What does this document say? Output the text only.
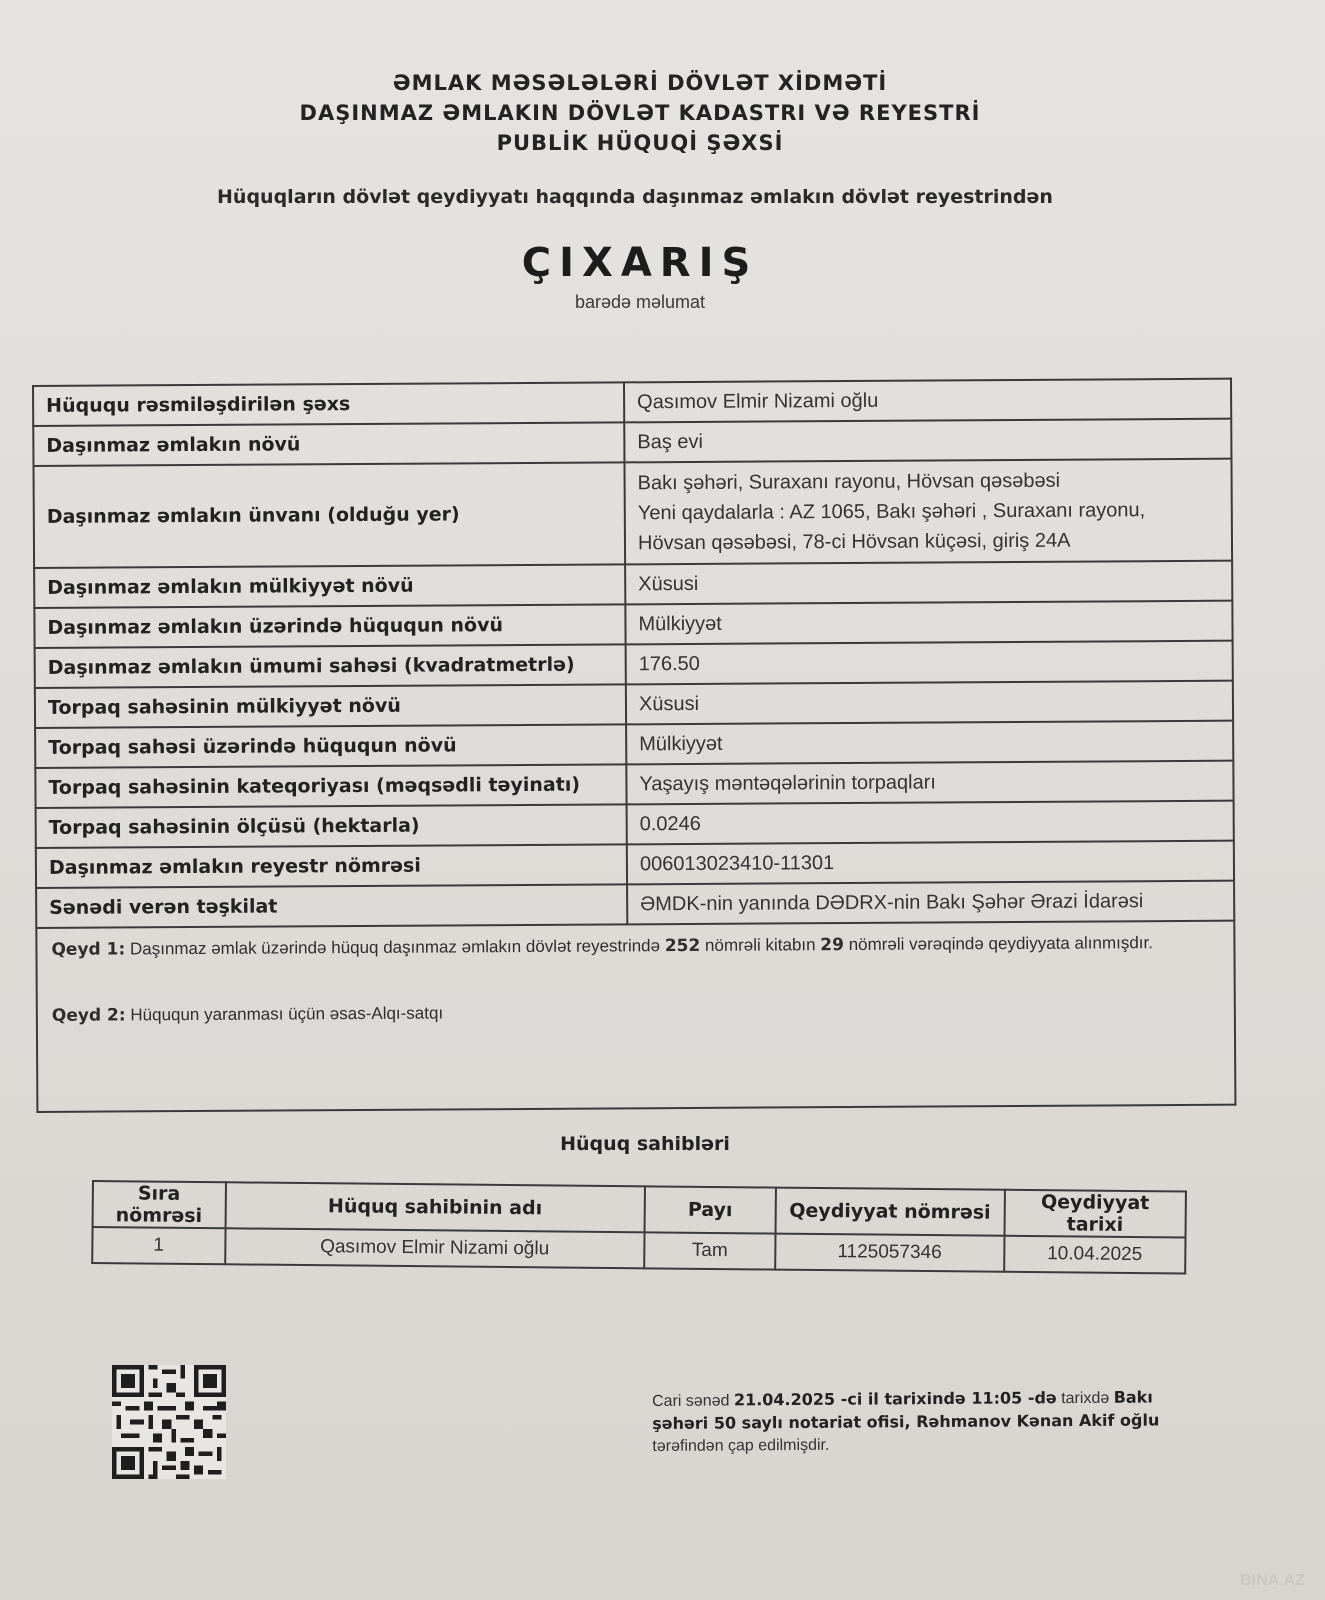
ƏMLAK MƏSƏLƏLƏRİ DÖVLƏT XİDMƏTİ
DAŞINMAZ ƏMLAKIN DÖVLƏT KADASTRI VƏ REYESTRİ
PUBLİK HÜQUQİ ŞƏXSİ
Hüquqların dövlət qeydiyyatı haqqında daşınmaz əmlakın dövlət reyestrindən
ÇIXARIŞ
barədə məlumat
Hüququ rəsmiləşdirilən şəxs	Qasımov Elmir Nizami oğlu
Daşınmaz əmlakın növü	Baş evi
Daşınmaz əmlakın ünvanı (olduğu yer)	Bakı şəhəri, Suraxanı rayonu, Hövsan qəsəbəsi
Yeni qaydalarla : AZ 1065, Bakı şəhəri , Suraxanı rayonu,
Hövsan qəsəbəsi, 78-ci Hövsan küçəsi, giriş 24A

Daşınmaz əmlakın mülkiyyət növü	Xüsusi
Daşınmaz əmlakın üzərində hüququn növü	Mülkiyyət
Daşınmaz əmlakın ümumi sahəsi (kvadratmetrlə)	176.50
Torpaq sahəsinin mülkiyyət növü	Xüsusi
Torpaq sahəsi üzərində hüququn növü	Mülkiyyət
Torpaq sahəsinin kateqoriyası (məqsədli təyinatı)	Yaşayış məntəqələrinin torpaqları
Torpaq sahəsinin ölçüsü (hektarla)	0.0246
Daşınmaz əmlakın reyestr nömrəsi	006013023410-11301
Sənədi verən təşkilat	ƏMDK-nin yanında DƏDRX-nin Bakı Şəhər Ərazi İdarəsi

Qeyd 1: Daşınmaz əmlak üzərində hüquq daşınmaz əmlakın dövlət reyestrində 252 nömrəli kitabın 29 nömrəli vərəqində qeydiyyata alınmışdır.
Qeyd 2: Hüququn yaranması üçün əsas-Alqı-satqı	
Hüquq sahibləri
Sıra nömrəsi	Hüquq sahibinin adı	Payı	Qeydiyyat nömrəsi	Qeydiyyat tarixi
1	Qasımov Elmir Nizami oğlu	Tam	1125057346	10.04.2025
Cari sənəd 21.04.2025 -ci il tarixində 11:05 -də tarixdə Bakı şəhəri 50 saylı notariat ofisi, Rəhmanov Kənan Akif oğlu tərəfindən çap edilmişdir.
BINA.AZ
